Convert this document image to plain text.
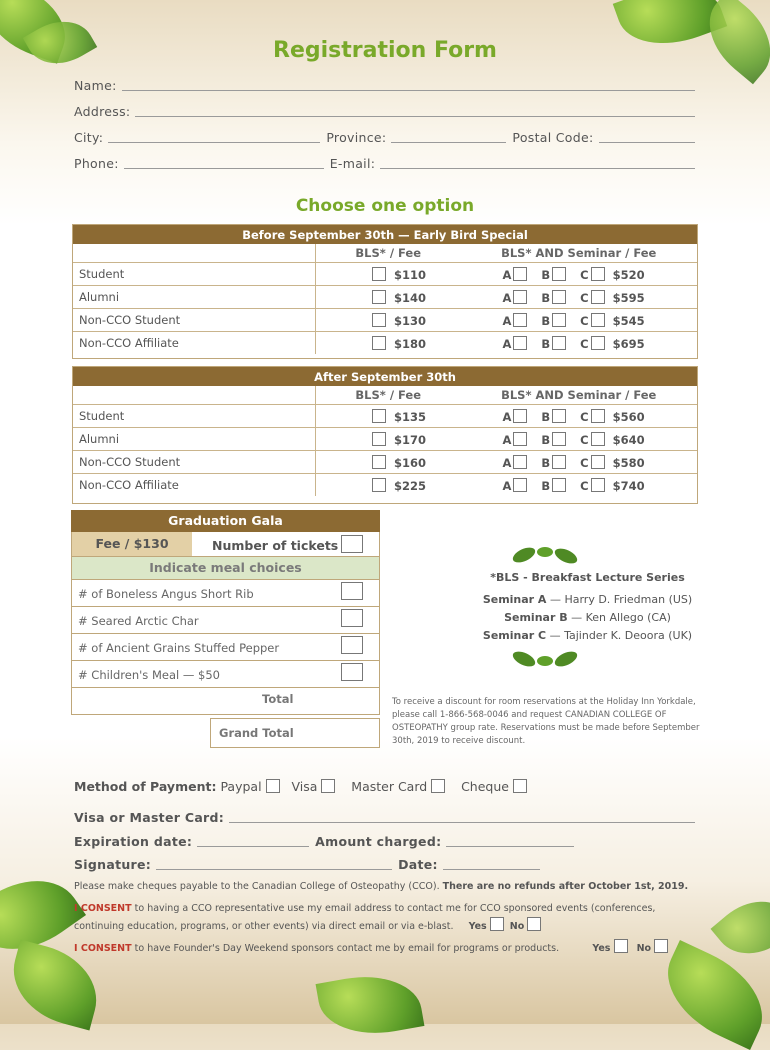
Registration Form
Name:
Address:
City:	Province:	Postal Code:
Phone:	E-mail:
Choose one option
Before September 30th — Early Bird Special		
	BLS* / Fee	BLS* AND Seminar / Fee
Student	$110	A B C $520
Alumni	$140	A B C $595
Non-CCO Student	$130	A B C $545
Non-CCO Affiliate	$180	A B C $695
After September 30th		
	BLS* / Fee	BLS* AND Seminar / Fee
Student	$135	A B C $560
Alumni	$170	A B C $640
Non-CCO Student	$160	A B C $580
Non-CCO Affiliate	$225	A B C $740
Graduation Gala
Fee / $130	Number of tickets
Indicate meal choices
# of Boneless Angus Short Rib
# Seared Arctic Char
# of Ancient Grains Stuffed Pepper
# Children's Meal — $50
Total
Grand Total
*BLS - Breakfast Lecture Series
Seminar A — Harry D. Friedman (US)
Seminar B — Ken Allego (CA)
Seminar C — Tajinder K. Deoora (UK)
To receive a discount for room reservations at the Holiday Inn Yorkdale, please call 1-866-568-0046 and request CANADIAN COLLEGE OF OSTEOPATHY group rate. Reservations must be made before September 30th, 2019 to receive discount.
Method of Payment: Paypal Visa	Master Card	Cheque
Visa or Master Card:
Expiration date:	Amount charged:
Signature:	Date:
Please make cheques payable to the Canadian College of Osteopathy (CCO). There are no refunds after October 1st, 2019.
I CONSENT to having a CCO representative use my email address to contact me for CCO sponsored events (conferences,
continuing education, programs, or other events) via direct email or via e-blast. Yes No
I CONSENT to have Founder's Day Weekend sponsors contact me by email for programs or products.	Yes	No
